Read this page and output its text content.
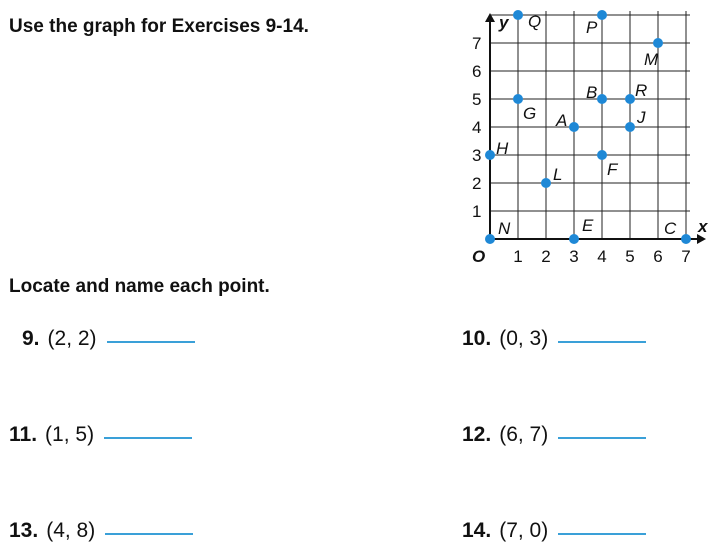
Use the graph for Exercises 9-14.
x
y
O 1 2 3 4 5 6 7
1
2
3
4
5
6
7
Q	P
M
G
B R
A	J
H
F
L
N	E	C
Locate and name each point.
9. (2, 2)	10. (0, 3)
11. (1, 5)	12. (6, 7)
13. (4, 8)	14. (7, 0)
